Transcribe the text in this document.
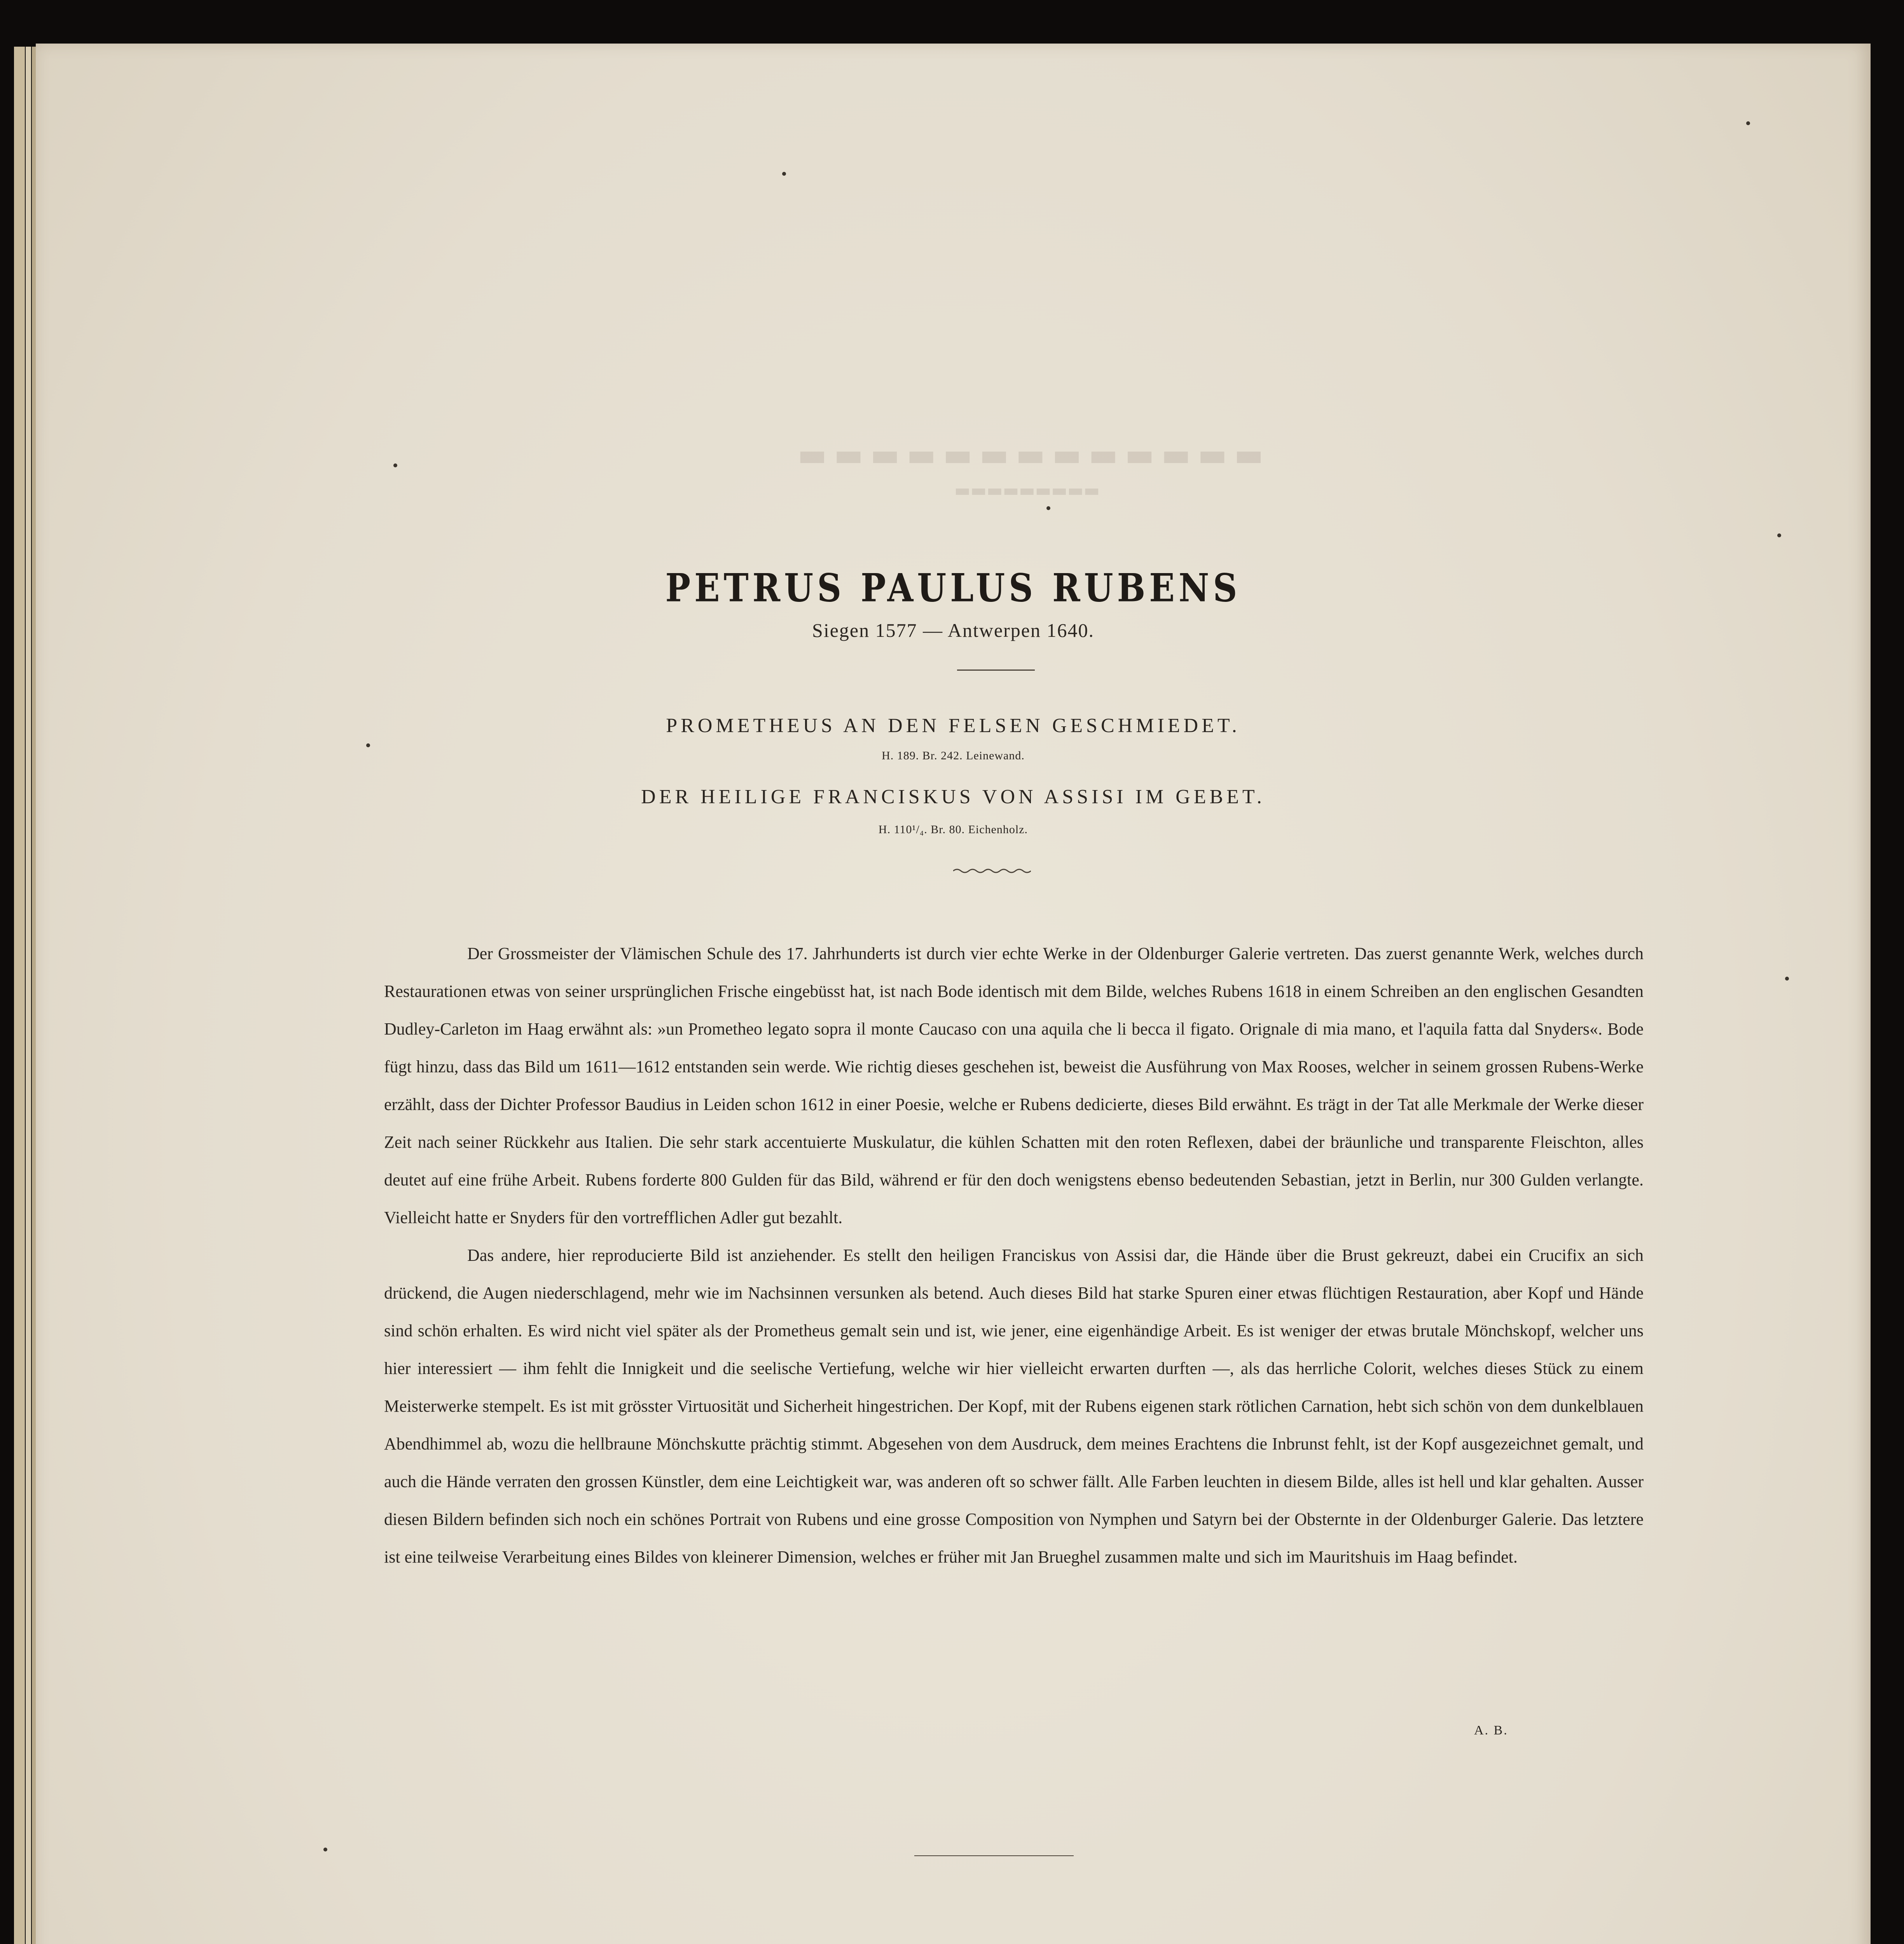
▬▬▬▬▬▬▬▬▬▬▬▬▬
▬▬▬▬▬▬▬▬▬
PETRUS PAULUS RUBENS
Siegen 1577 — Antwerpen 1640.
PROMETHEUS AN DEN FELSEN GESCHMIEDET.
H. 189. Br. 242. Leinewand.
DER HEILIGE FRANCISKUS VON ASSISI IM GEBET.
H. 110¹/₄. Br. 80. Eichenholz.

Der Grossmeister der Vlämischen Schule des 17. Jahrhunderts ist durch vier echte Werke in der Oldenburger Galerie vertreten. Das zuerst genannte Werk, welches durch Restaurationen etwas von seiner ursprünglichen Frische eingebüsst hat, ist nach Bode identisch mit dem Bilde, welches Rubens 1618 in einem Schreiben an den englischen Gesandten Dudley-Carleton im Haag erwähnt als: »un Prometheo legato sopra il monte Caucaso con una aquila che li becca il figato. Orignale di mia mano, et l'aquila fatta dal Snyders«. Bode fügt hinzu, dass das Bild um 1611—1612 entstanden sein werde. Wie richtig dieses geschehen ist, beweist die Ausführung von Max Rooses, welcher in seinem grossen Rubens-Werke erzählt, dass der Dichter Professor Baudius in Leiden schon 1612 in einer Poesie, welche er Rubens dedicierte, dieses Bild erwähnt. Es trägt in der Tat alle Merkmale der Werke dieser Zeit nach seiner Rückkehr aus Italien. Die sehr stark accentuierte Muskulatur, die kühlen Schatten mit den roten Reflexen, dabei der bräunliche und transparente Fleischton, alles deutet auf eine frühe Arbeit. Rubens forderte 800 Gulden für das Bild, während er für den doch wenigstens ebenso bedeutenden Sebastian, jetzt in Berlin, nur 300 Gulden verlangte. Vielleicht hatte er Snyders für den vortrefflichen Adler gut bezahlt.

Das andere, hier reproducierte Bild ist anziehender. Es stellt den heiligen Franciskus von Assisi dar, die Hände über die Brust gekreuzt, dabei ein Crucifix an sich drückend, die Augen niederschlagend, mehr wie im Nachsinnen versunken als betend. Auch dieses Bild hat starke Spuren einer etwas flüchtigen Restauration, aber Kopf und Hände sind schön erhalten. Es wird nicht viel später als der Prometheus gemalt sein und ist, wie jener, eine eigenhändige Arbeit. Es ist weniger der etwas brutale Mönchskopf, welcher uns hier interessiert — ihm fehlt die Innigkeit und die seelische Vertiefung, welche wir hier vielleicht erwarten durften —, als das herrliche Colorit, welches dieses Stück zu einem Meisterwerke stempelt. Es ist mit grösster Virtuosität und Sicherheit hingestrichen. Der Kopf, mit der Rubens eigenen stark rötlichen Carnation, hebt sich schön von dem dunkelblauen Abendhimmel ab, wozu die hellbraune Mönchskutte prächtig stimmt. Abgesehen von dem Ausdruck, dem meines Erachtens die Inbrunst fehlt, ist der Kopf ausgezeichnet gemalt, und auch die Hände verraten den grossen Künstler, dem eine Leichtigkeit war, was anderen oft so schwer fällt. Alle Farben leuchten in diesem Bilde, alles ist hell und klar gehalten. Ausser diesen Bildern befinden sich noch ein schönes Portrait von Rubens und eine grosse Composition von Nymphen und Satyrn bei der Obsternte in der Oldenburger Galerie. Das letztere ist eine teilweise Verarbeitung eines Bildes von kleinerer Dimension, welches er früher mit Jan Brueghel zusammen malte und sich im Mauritshuis im Haag befindet.

A. B.
